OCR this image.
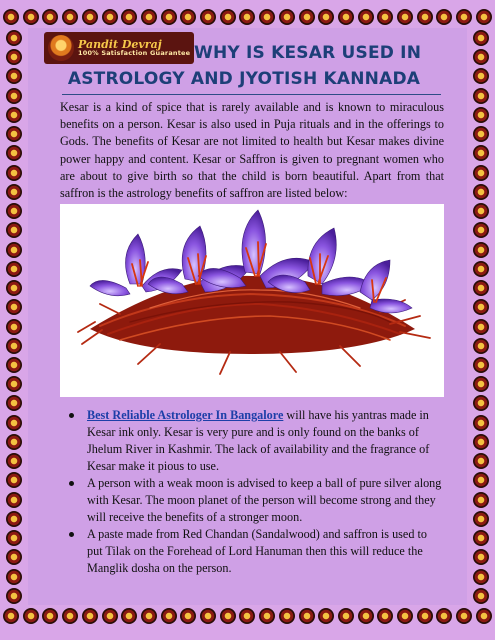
WHY IS KESAR USED IN
ASTROLOGY AND JYOTISH KANNADA
Pandit Devraj
100% Satisfaction Guarantee

Kesar is a kind of spice that is rarely available and is known to miraculous benefits on a person. Kesar is also used in Puja rituals and in the offerings to Gods. The benefits of Kesar are not limited to health but Kesar makes divine power happy and content. Kesar or Saffron is given to pregnant women who are about to give birth so that the child is born beautiful. Apart from that saffron is the astrology benefits of saffron are listed below:

Best Reliable Astrologer In Bangalore will have his yantras made in Kesar ink only. Kesar is very pure and is only found on the banks of Jhelum River in Kashmir. The lack of availability and the fragrance of Kesar make it pious to use.
A person with a weak moon is advised to keep a ball of pure silver along with Kesar. The moon planet of the person will become strong and they will receive the benefits of a stronger moon.
A paste made from Red Chandan (Sandalwood) and saffron is used to put Tilak on the Forehead of Lord Hanuman then this will reduce the Manglik dosha on the person.
